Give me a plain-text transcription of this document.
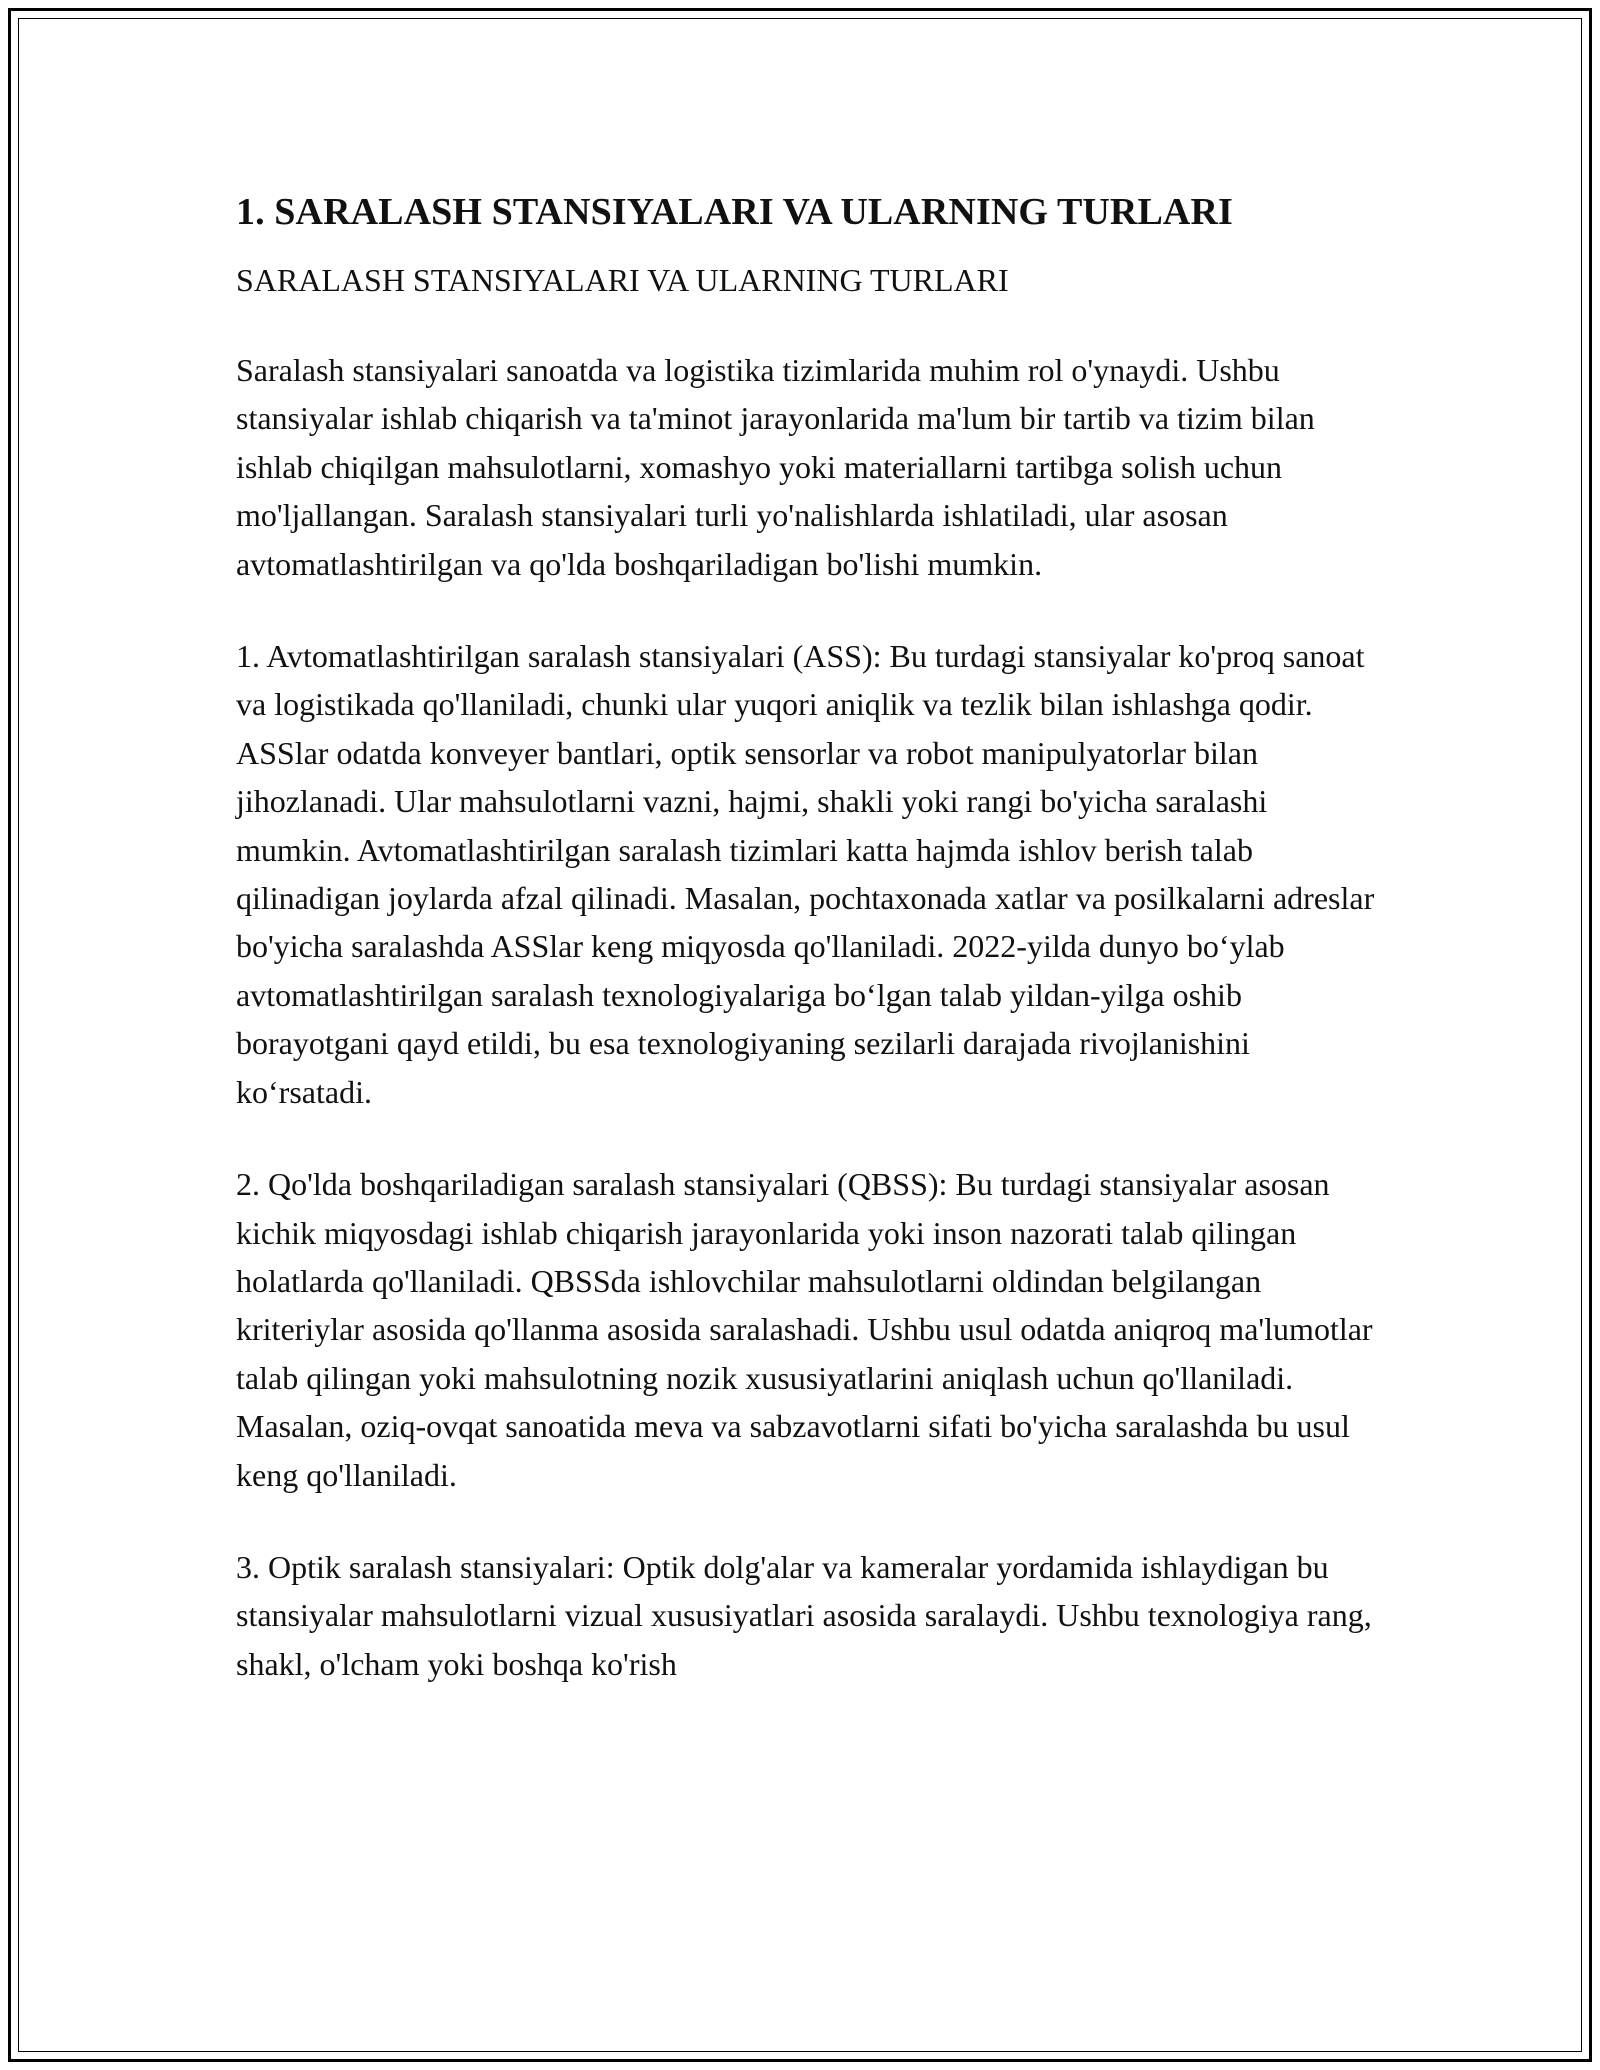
1. SARALASH STANSIYALARI VA ULARNING TURLARI
SARALASH STANSIYALARI VA ULARNING TURLARI

Saralash stansiyalari sanoatda va logistika tizimlarida muhim rol o'ynaydi. Ushbu stansiyalar ishlab chiqarish va ta'minot jarayonlarida ma'lum bir tartib va tizim bilan ishlab chiqilgan mahsulotlarni, xomashyo yoki materiallarni tartibga solish uchun mo'ljallangan. Saralash stansiyalari turli yo'nalishlarda ishlatiladi, ular asosan avtomatlashtirilgan va qo'lda boshqariladigan bo'lishi mumkin.

1. Avtomatlashtirilgan saralash stansiyalari (ASS): Bu turdagi stansiyalar ko'proq sanoat va logistikada qo'llaniladi, chunki ular yuqori aniqlik va tezlik bilan ishlashga qodir. ASSlar odatda konveyer bantlari, optik sensorlar va robot manipulyatorlar bilan jihozlanadi. Ular mahsulotlarni vazni, hajmi, shakli yoki rangi bo'yicha saralashi mumkin. Avtomatlashtirilgan saralash tizimlari katta hajmda ishlov berish talab qilinadigan joylarda afzal qilinadi. Masalan, pochtaxonada xatlar va posilkalarni adreslar bo'yicha saralashda ASSlar keng miqyosda qo'llaniladi. 2022-yilda dunyo bo‘ylab avtomatlashtirilgan saralash texnologiyalariga bo‘lgan talab yildan-yilga oshib borayotgani qayd etildi, bu esa texnologiyaning sezilarli darajada rivojlanishini ko‘rsatadi.

2. Qo'lda boshqariladigan saralash stansiyalari (QBSS): Bu turdagi stansiyalar asosan kichik miqyosdagi ishlab chiqarish jarayonlarida yoki inson nazorati talab qilingan holatlarda qo'llaniladi. QBSSda ishlovchilar mahsulotlarni oldindan belgilangan kriteriylar asosida qo'llanma asosida saralashadi. Ushbu usul odatda aniqroq ma'lumotlar talab qilingan yoki mahsulotning nozik xususiyatlarini aniqlash uchun qo'llaniladi. Masalan, oziq-ovqat sanoatida meva va sabzavotlarni sifati bo'yicha saralashda bu usul keng qo'llaniladi.

3. Optik saralash stansiyalari: Optik dolg'alar va kameralar yordamida ishlaydigan bu stansiyalar mahsulotlarni vizual xususiyatlari asosida saralaydi. Ushbu texnologiya rang, shakl, o'lcham yoki boshqa ko'rish
